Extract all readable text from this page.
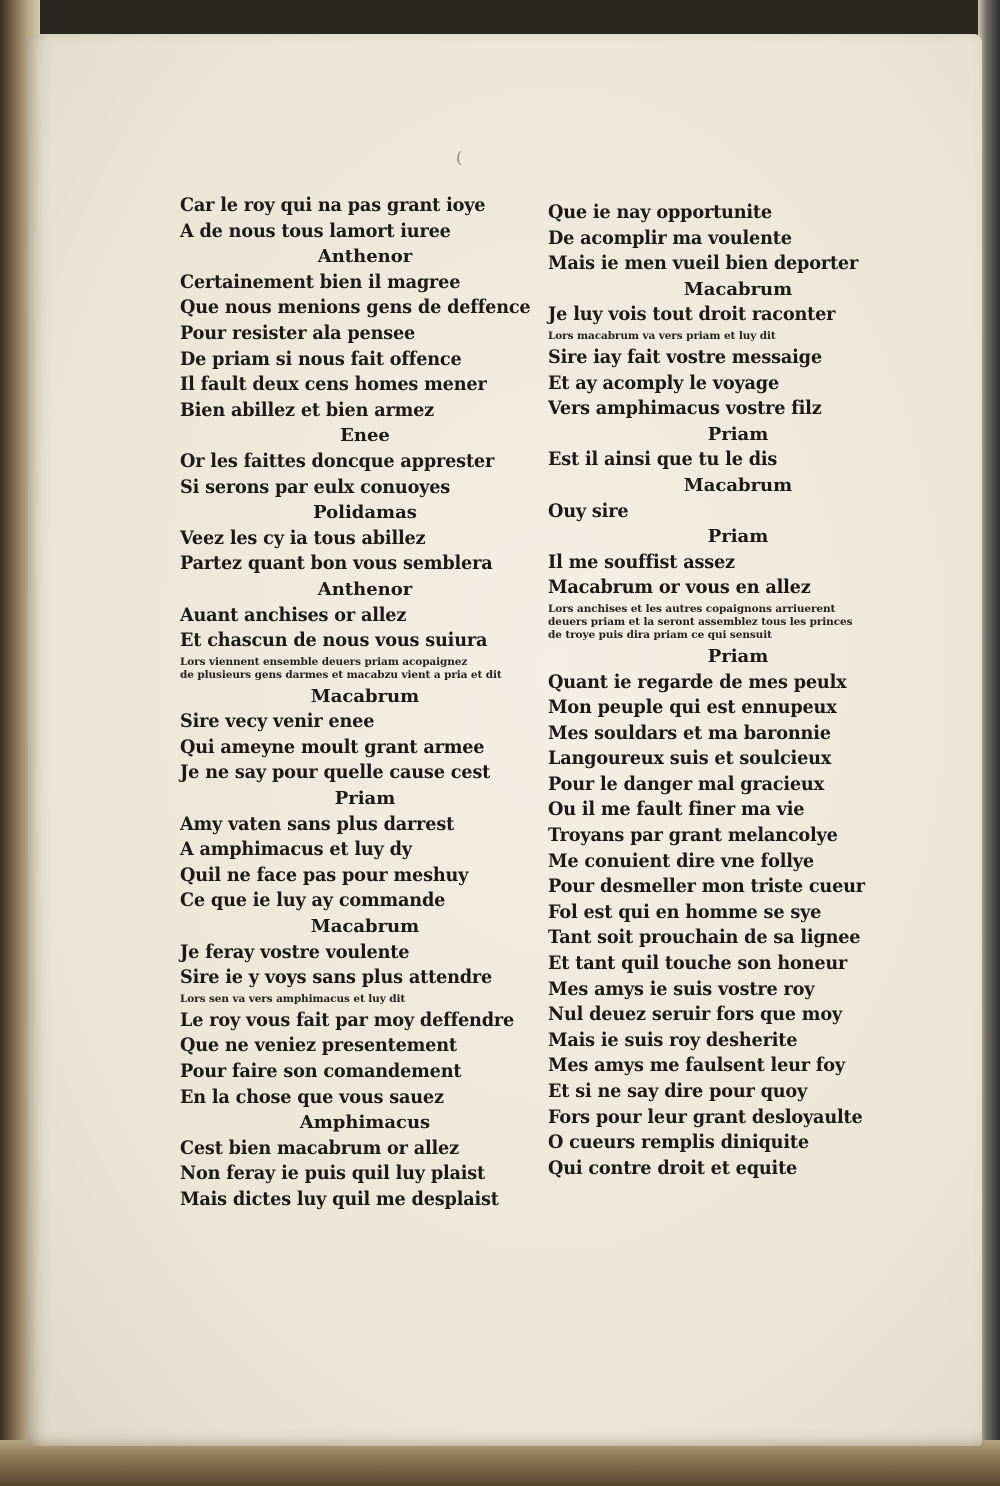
(
Car le roy qui na pas grant ioye
A de nous tous lamort iuree
Anthenor
Certainement bien il magree
Que nous menions gens de deffence
Pour resister ala pensee
De priam si nous fait offence
Il fault deux cens homes mener
Bien abillez et bien armez
Enee
Or les faittes doncque apprester
Si serons par eulx conuoyes
Polidamas
Veez les cy ia tous abillez
Partez quant bon vous semblera
Anthenor
Auant anchises or allez
Et chascun de nous vous suiura
Lors viennent ensemble deuers priam acopaignez
de plusieurs gens darmes et macabzu vient a pria et dit
Macabrum
Sire vecy venir enee
Qui ameyne moult grant armee
Je ne say pour quelle cause cest
Priam
Amy vaten sans plus darrest
A amphimacus et luy dy
Quil ne face pas pour meshuy
Ce que ie luy ay commande
Macabrum
Je feray vostre voulente
Sire ie y voys sans plus attendre
Lors sen va vers amphimacus et luy dit
Le roy vous fait par moy deffendre
Que ne veniez presentement
Pour faire son comandement
En la chose que vous sauez
Amphimacus
Cest bien macabrum or allez
Non feray ie puis quil luy plaist
Mais dictes luy quil me desplaist
Que ie nay opportunite
De acomplir ma voulente
Mais ie men vueil bien deporter
Macabrum
Je luy vois tout droit raconter
Lors macabrum va vers priam et luy dit
Sire iay fait vostre messaige
Et ay acomply le voyage
Vers amphimacus vostre filz
Priam
Est il ainsi que tu le dis
Macabrum
Ouy sire
Priam
Il me souffist assez
Macabrum or vous en allez
Lors anchises et les autres copaignons arriuerent
deuers priam et la seront assemblez tous les princes
de troye puis dira priam ce qui sensuit
Priam
Quant ie regarde de mes peulx
Mon peuple qui est ennupeux
Mes souldars et ma baronnie
Langoureux suis et soulcieux
Pour le danger mal gracieux
Ou il me fault finer ma vie
Troyans par grant melancolye
Me conuient dire vne follye
Pour desmeller mon triste cueur
Fol est qui en homme se sye
Tant soit prouchain de sa lignee
Et tant quil touche son honeur
Mes amys ie suis vostre roy
Nul deuez seruir fors que moy
Mais ie suis roy desherite
Mes amys me faulsent leur foy
Et si ne say dire pour quoy
Fors pour leur grant desloyaulte
O cueurs remplis diniquite
Qui contre droit et equite
